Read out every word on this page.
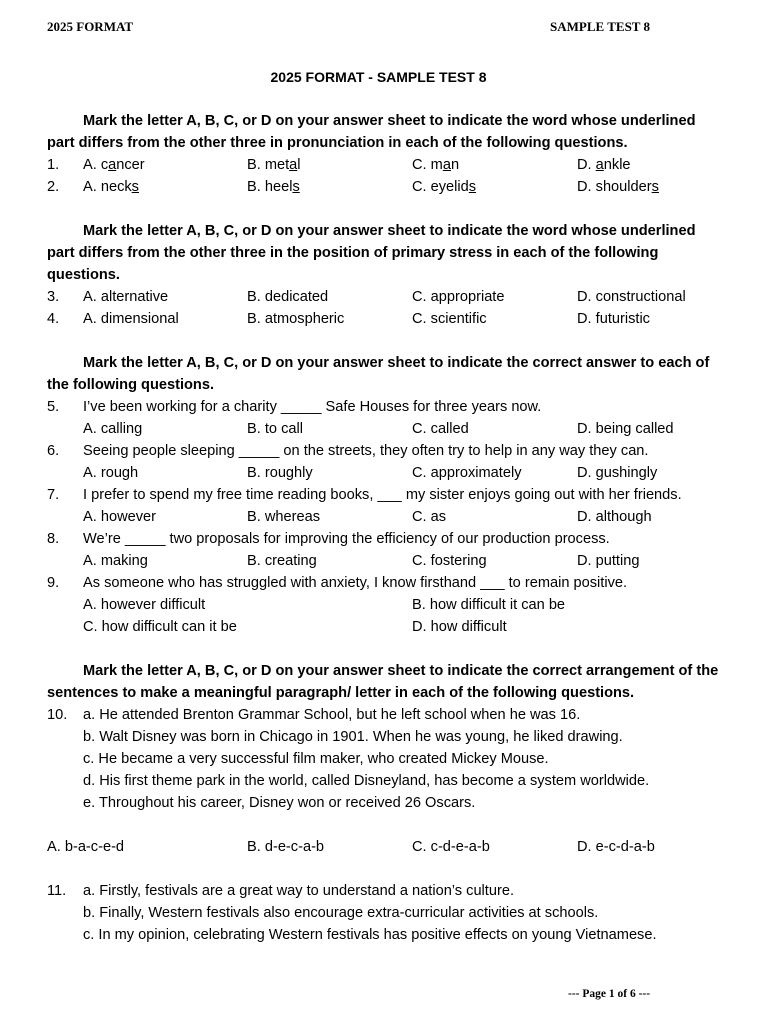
2025 FORMAT	SAMPLE TEST 8
2025 FORMAT - SAMPLE TEST 8
Mark the letter A, B, C, or D on your answer sheet to indicate the word whose underlined part differs from the other three in pronunciation in each of the following questions.
1. A. cancer	B. metal	C. man	D. ankle
2. A. necks	B. heels	C. eyelids	D. shoulders
Mark the letter A, B, C, or D on your answer sheet to indicate the word whose underlined part differs from the other three in the position of primary stress in each of the following questions.
3. A. alternative	B. dedicated	C. appropriate	D. constructional
4. A. dimensional	B. atmospheric	C. scientific	D. futuristic
Mark the letter A, B, C, or D on your answer sheet to indicate the correct answer to each of the following questions.
5. I’ve been working for a charity _____ Safe Houses for three years now.
A. calling	B. to call	C. called	D. being called
6. Seeing people sleeping _____ on the streets, they often try to help in any way they can.
A. rough	B. roughly	C. approximately	D. gushingly
7. I prefer to spend my free time reading books, ___ my sister enjoys going out with her friends.
A. however	B. whereas	C. as	D. although
8. We’re _____ two proposals for improving the efficiency of our production process.
A. making	B. creating	C. fostering	D. putting
9. As someone who has struggled with anxiety, I know firsthand ___ to remain positive.
A. however difficult	B. how difficult it can be
C. how difficult can it be	D. how difficult
Mark the letter A, B, C, or D on your answer sheet to indicate the correct arrangement of the sentences to make a meaningful paragraph/ letter in each of the following questions.
10. a. He attended Brenton Grammar School, but he left school when he was 16.
b. Walt Disney was born in Chicago in 1901. When he was young, he liked drawing.
c. He became a very successful film maker, who created Mickey Mouse.
d. His first theme park in the world, called Disneyland, has become a system worldwide.
e. Throughout his career, Disney won or received 26 Oscars.
A. b-a-c-e-d	B. d-e-c-a-b	C. c-d-e-a-b	D. e-c-d-a-b
11. a. Firstly, festivals are a great way to understand a nation’s culture.
b. Finally, Western festivals also encourage extra-curricular activities at schools.
c. In my opinion, celebrating Western festivals has positive effects on young Vietnamese.
--- Page 1 of 6 ---
